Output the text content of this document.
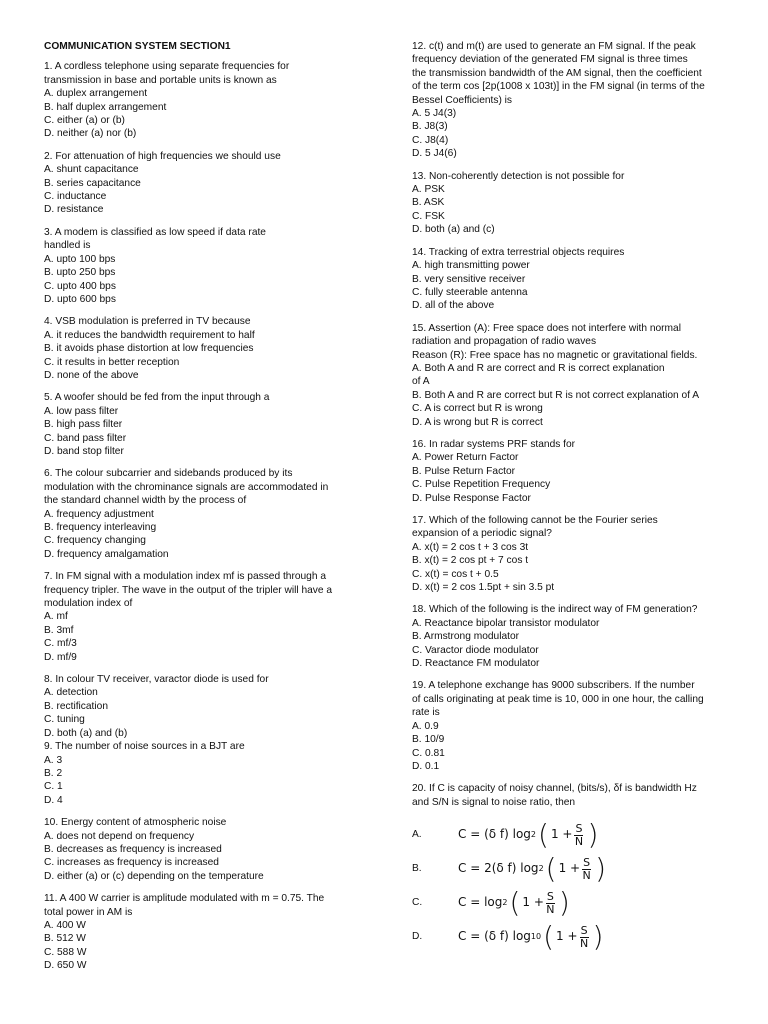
COMMUNICATION SYSTEM SECTION1
1. A cordless telephone using separate frequencies for
transmission in base and portable units is known as
A. duplex arrangement
B. half duplex arrangement
C. either (a) or (b)
D. neither (a) nor (b)
2. For attenuation of high frequencies we should use
A. shunt capacitance
B. series capacitance
C. inductance
D. resistance
3. A modem is classified as low speed if data rate
handled is
A. upto 100 bps
B. upto 250 bps
C. upto 400 bps
D. upto 600 bps
4. VSB modulation is preferred in TV because
A. it reduces the bandwidth requirement to half
B. it avoids phase distortion at low frequencies
C. it results in better reception
D. none of the above
5. A woofer should be fed from the input through a
A. low pass filter
B. high pass filter
C. band pass filter
D. band stop filter
6. The colour subcarrier and sidebands produced by its
modulation with the chrominance signals are accommodated in
the standard channel width by the process of
A. frequency adjustment
B. frequency interleaving
C. frequency changing
D. frequency amalgamation
7. In FM signal with a modulation index mf is passed through a
frequency tripler. The wave in the output of the tripler will have a
modulation index of
A. mf
B. 3mf
C. mf/3
D. mf/9
8. In colour TV receiver, varactor diode is used for
A. detection
B. rectification
C. tuning
D. both (a) and (b)
9. The number of noise sources in a BJT are
A. 3
B. 2
C. 1
D. 4
10. Energy content of atmospheric noise
A. does not depend on frequency
B. decreases as frequency is increased
C. increases as frequency is increased
D. either (a) or (c) depending on the temperature
11. A 400 W carrier is amplitude modulated with m = 0.75. The
total power in AM is
A. 400 W
B. 512 W
C. 588 W
D. 650 W
12. c(t) and m(t) are used to generate an FM signal. If the peak
frequency deviation of the generated FM signal is three times
the transmission bandwidth of the AM signal, then the coefficient
of the term cos [2p(1008 x 103t)] in the FM signal (in terms of the
Bessel Coefficients) is
A. 5 J4(3)
B. J8(3)
C. J8(4)
D. 5 J4(6)
13. Non-coherently detection is not possible for
A. PSK
B. ASK
C. FSK
D. both (a) and (c)
14. Tracking of extra terrestrial objects requires
A. high transmitting power
B. very sensitive receiver
C. fully steerable antenna
D. all of the above
15. Assertion (A): Free space does not interfere with normal
radiation and propagation of radio waves
Reason (R): Free space has no magnetic or gravitational fields.
A. Both A and R are correct and R is correct explanation
of A
B. Both A and R are correct but R is not correct explanation of A
C. A is correct but R is wrong
D. A is wrong but R is correct
16. In radar systems PRF stands for
A. Power Return Factor
B. Pulse Return Factor
C. Pulse Repetition Frequency
D. Pulse Response Factor
17. Which of the following cannot be the Fourier series
expansion of a periodic signal?
A. x(t) = 2 cos t + 3 cos 3t
B. x(t) = 2 cos pt + 7 cos t
C. x(t) = cos t + 0.5
D. x(t) = 2 cos 1.5pt + sin 3.5 pt
18. Which of the following is the indirect way of FM generation?
A. Reactance bipolar transistor modulator
B. Armstrong modulator
C. Varactor diode modulator
D. Reactance FM modulator
19. A telephone exchange has 9000 subscribers. If the number
of calls originating at peak time is 10, 000 in one hour, the calling
rate is
A. 0.9
B. 10/9
C. 0.81
D. 0.1
20. If C is capacity of noisy channel, (bits/s), δf is bandwidth Hz
and S/N is signal to noise ratio, then
A.	C = (δ f) log 2 ( $1 + \frac{S}{N}$ )
B.	C = 2(δ f) log 2 ( $1 + \frac{S}{N}$ )
C.	C = log 2 ( $1 + \frac{S}{N}$ )
D.	C = (δ f) log 10 ( $1 + \frac{S}{N}$ )
